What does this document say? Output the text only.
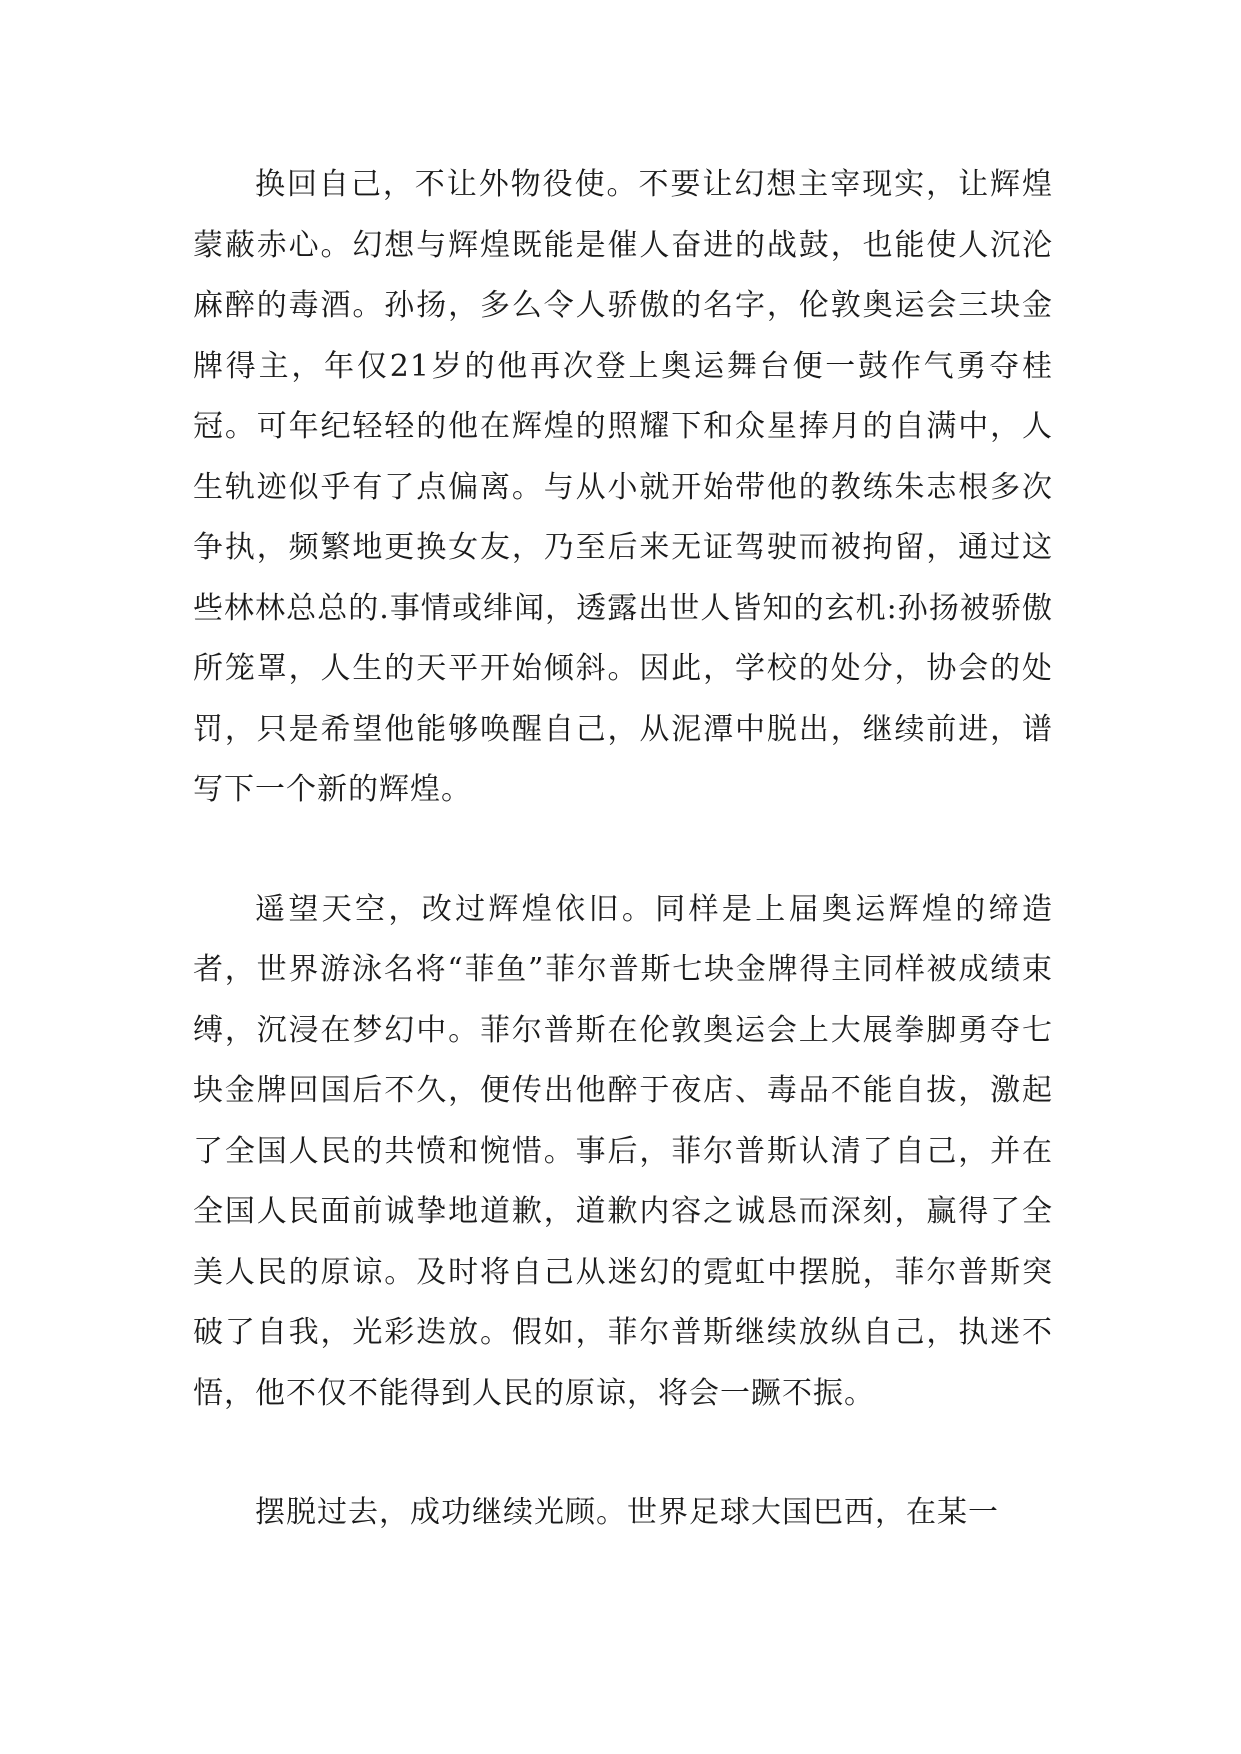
换回自己，不让外物役使。不要让幻想主宰现实，让辉煌蒙蔽赤心。幻想与辉煌既能是催人奋进的战鼓，也能使人沉沦麻醉的毒酒。孙扬，多么令人骄傲的名字，伦敦奥运会三块金牌得主，年仅21岁的他再次登上奥运舞台便一鼓作气勇夺桂冠。可年纪轻轻的他在辉煌的照耀下和众星捧月的自满中，人生轨迹似乎有了点偏离。与从小就开始带他的教练朱志根多次争执，频繁地更换女友，乃至后来无证驾驶而被拘留，通过这些林林总总的.事情或绯闻，透露出世人皆知的玄机:孙扬被骄傲所笼罩，人生的天平开始倾斜。因此，学校的处分，协会的处罚，只是希望他能够唤醒自己，从泥潭中脱出，继续前进，谱写下一个新的辉煌。

遥望天空，改过辉煌依旧。同样是上届奥运辉煌的缔造者，世界游泳名将“菲鱼”菲尔普斯七块金牌得主同样被成绩束缚，沉浸在梦幻中。菲尔普斯在伦敦奥运会上大展拳脚勇夺七块金牌回国后不久，便传出他醉于夜店、毒品不能自拔，激起了全国人民的共愤和惋惜。事后，菲尔普斯认清了自己，并在全国人民面前诚挚地道歉，道歉内容之诚恳而深刻，赢得了全美人民的原谅。及时将自己从迷幻的霓虹中摆脱，菲尔普斯突破了自我，光彩迭放。假如，菲尔普斯继续放纵自己，执迷不悟，他不仅不能得到人民的原谅，将会一蹶不振。

摆脱过去，成功继续光顾。世界足球大国巴西，在某一
